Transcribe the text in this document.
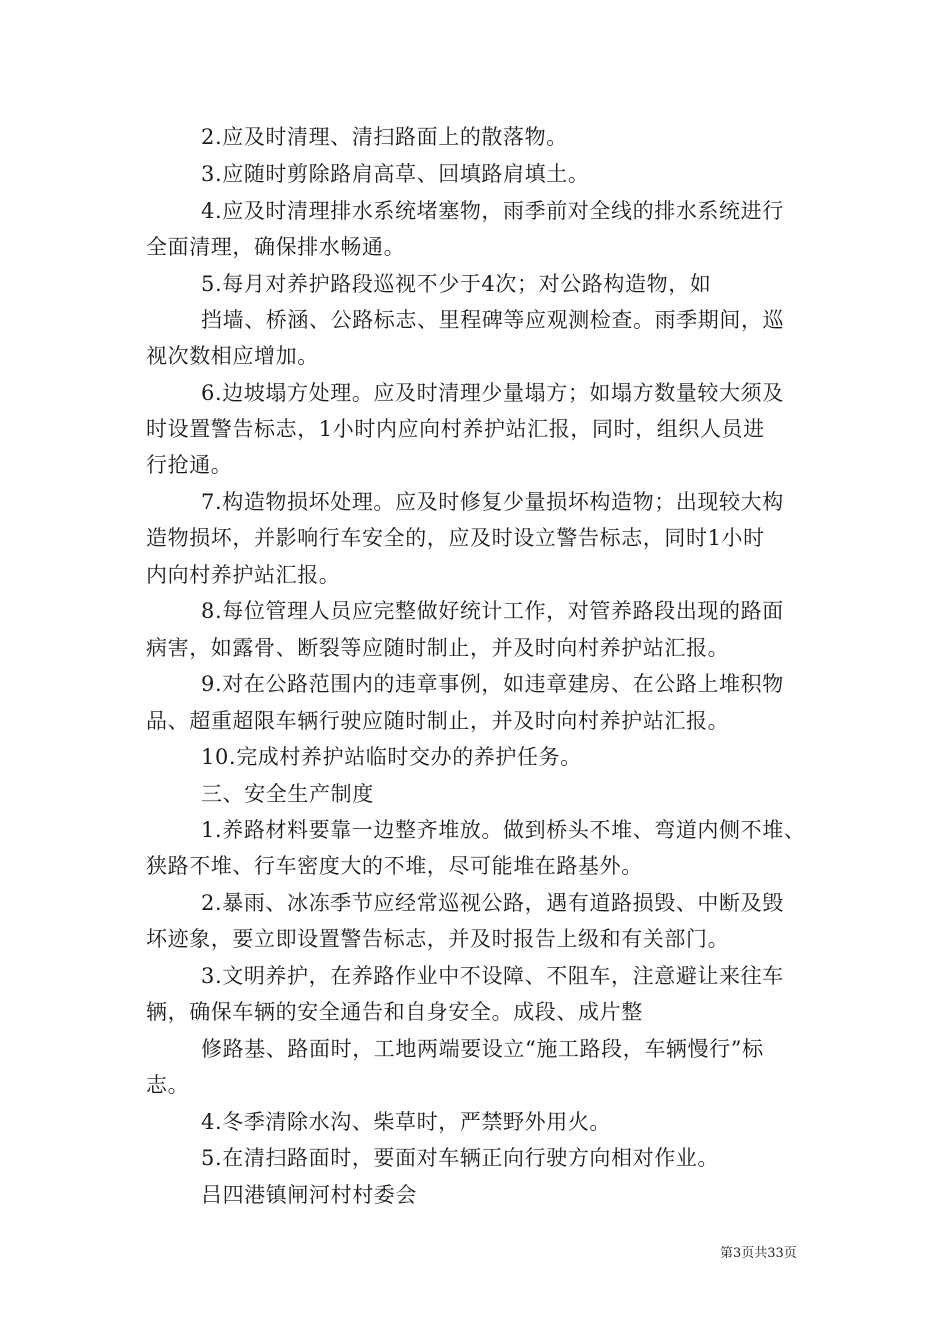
2.应及时清理、清扫路面上的散落物。
3.应随时剪除路肩高草、回填路肩填土。
4.应及时清理排水系统堵塞物，雨季前对全线的排水系统进行
全面清理，确保排水畅通。
5.每月对养护路段巡视不少于4次；对公路构造物，如
挡墙、桥涵、公路标志、里程碑等应观测检查。雨季期间，巡
视次数相应增加。
6.边坡塌方处理。应及时清理少量塌方；如塌方数量较大须及
时设置警告标志，1小时内应向村养护站汇报，同时，组织人员进
行抢通。
7.构造物损坏处理。应及时修复少量损坏构造物；出现较大构
造物损坏，并影响行车安全的，应及时设立警告标志，同时1小时
内向村养护站汇报。
8.每位管理人员应完整做好统计工作，对管养路段出现的路面
病害，如露骨、断裂等应随时制止，并及时向村养护站汇报。
9.对在公路范围内的违章事例，如违章建房、在公路上堆积物
品、超重超限车辆行驶应随时制止，并及时向村养护站汇报。
10.完成村养护站临时交办的养护任务。
三、安全生产制度
1.养路材料要靠一边整齐堆放。做到桥头不堆、弯道内侧不堆、
狭路不堆、行车密度大的不堆，尽可能堆在路基外。
2.暴雨、冰冻季节应经常巡视公路，遇有道路损毁、中断及毁
坏迹象，要立即设置警告标志，并及时报告上级和有关部门。
3.文明养护，在养路作业中不设障、不阻车，注意避让来往车
辆，确保车辆的安全通告和自身安全。成段、成片整
修路基、路面时，工地两端要设立“施工路段，车辆慢行”标
志。
4.冬季清除水沟、柴草时，严禁野外用火。
5.在清扫路面时，要面对车辆正向行驶方向相对作业。
吕四港镇闸河村村委会
第3页共33页
